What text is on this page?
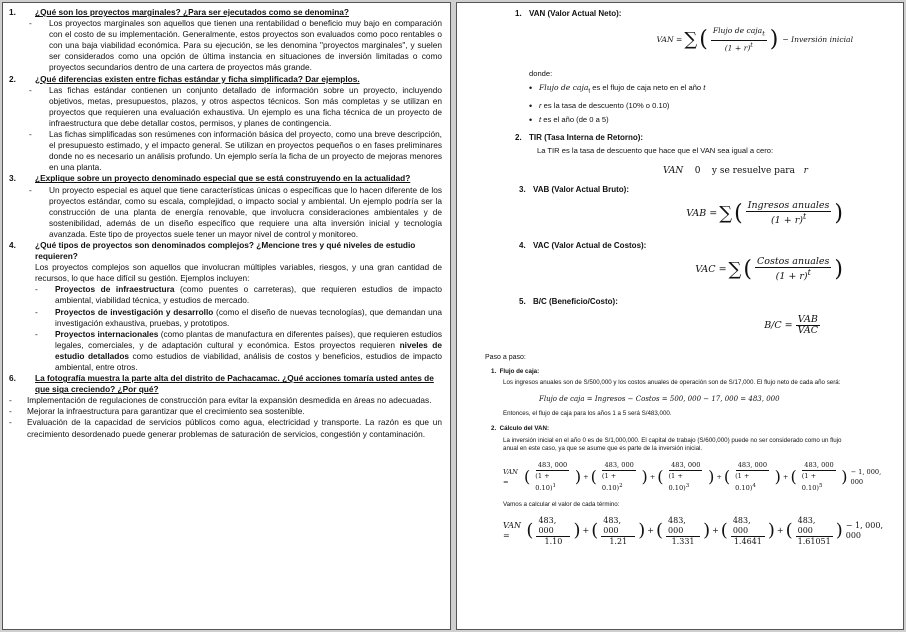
1.	¿Qué son los proyectos marginales? ¿Para ser ejecutados como se denomina?
-	Los proyectos marginales son aquellos que tienen una rentabilidad o beneficio muy bajo en comparación con el costo de su implementación. Generalmente, estos proyectos son evaluados como poco rentables o con una baja viabilidad económica. Para su ejecución, se les denomina "proyectos marginales", y suelen ser considerados como una opción de última instancia en situaciones de inversión limitadas o como proyectos secundarios dentro de una cartera de proyectos más grande.
2.	¿Qué diferencias existen entre fichas estándar y ficha simplificada? Dar ejemplos.
-	Las fichas estándar contienen un conjunto detallado de información sobre un proyecto, incluyendo objetivos, metas, presupuestos, plazos, y otros aspectos técnicos. Son más completas y se utilizan en proyectos que requieren una evaluación exhaustiva. Un ejemplo es una ficha técnica de un proyecto de infraestructura que debe detallar costos, permisos, y planes de contingencia.
-	Las fichas simplificadas son resúmenes con información básica del proyecto, como una breve descripción, el presupuesto estimado, y el impacto general. Se utilizan en proyectos pequeños o en fases preliminares donde no es necesario un análisis profundo. Un ejemplo sería la ficha de un proyecto de mejoras menores en una planta.
3.	¿Explique sobre un proyecto denominado especial que se está construyendo en la actualidad?
-	Un proyecto especial es aquel que tiene características únicas o específicas que lo hacen diferente de los proyectos estándar, como su escala, complejidad, o impacto social y ambiental. Un ejemplo podría ser la construcción de una planta de energía renovable, que involucra consideraciones ambientales y de sostenibilidad, además de un diseño específico que requiere una alta inversión inicial y tecnología avanzada. Este tipo de proyectos suele tener un mayor nivel de control y monitoreo.
4.	¿Qué tipos de proyectos son denominados complejos? ¿Mencione tres y qué niveles de estudio requieren?
Los proyectos complejos son aquellos que involucran múltiples variables, riesgos, y una gran cantidad de recursos, lo que hace difícil su gestión. Ejemplos incluyen:
-	Proyectos de infraestructura (como puentes o carreteras), que requieren estudios de impacto ambiental, viabilidad técnica, y estudios de mercado.
-	Proyectos de investigación y desarrollo (como el diseño de nuevas tecnologías), que demandan una investigación exhaustiva, pruebas, y prototipos.
-	Proyectos internacionales (como plantas de manufactura en diferentes países), que requieren estudios legales, comerciales, y de adaptación cultural y económica. Estos proyectos requieren niveles de estudio detallados como estudios de viabilidad, análisis de costos y beneficios, estudios de impacto ambiental, entre otros.
6.	La fotografía muestra la parte alta del distrito de Pachacamac. ¿Qué acciones tomaría usted antes de que siga creciendo? ¿Por qué?
-	Implementación de regulaciones de construcción para evitar la expansión desmedida en áreas no adecuadas.
-	Mejorar la infraestructura para garantizar que el crecimiento sea sostenible.
-	Evaluación de la capacidad de servicios públicos como agua, electricidad y transporte. La razón es que un crecimiento desordenado puede generar problemas de saturación de servicios, congestión y contaminación.
1. VAN (Valor Actual Neto):
VAN = ∑ ( $\frac{Flujo de caja_t}{(1 + r)^t}$ ) − Inversión inicial
donde:
• Flujo de caja$_t$ es el flujo de caja neto en el año t
• r es la tasa de descuento (10% o 0.10)
• t es el año (de 0 a 5)
2. TIR (Tasa Interna de Retorno):
La TIR es la tasa de descuento que hace que el VAN sea igual a cero:
VAN 0 y se resuelve para r
3. VAB (Valor Actual Bruto):
VAB = ∑ ( $\frac{\text{Ingresos anuales}}{(1 + r)^t}$ )
4. VAC (Valor Actual de Costos):
VAC = ∑ ( $\frac{\text{Costos anuales}}{(1 + r)^t}$ )
5. B/C (Beneficio/Costo):
$B/C = \frac{\text{VAB}}{\text{VAC}}$
Paso a paso:
1. Flujo de caja:
Los ingresos anuales son de S/500,000 y los costos anuales de operación son de S/17,000. El flujo neto de cada año será:
Flujo de caja = Ingresos − Costos = 500, 000 − 17, 000 = 483, 000
Entonces, el flujo de caja para los años 1 a 5 será S/483,000.
2. Cálculo del VAN:
La inversión inicial en el año 0 es de S/1,000,000. El capital de trabajo (S/600,000) puede no ser considerado como un flujo anual en este caso, ya que se asume que es parte de la inversión inicial.
VAN = ( $\frac{483, 000}{(1 + 0.10)^1}$ ) + ( $\frac{483, 000}{(1 + 0.10)^2}$ ) + ( $\frac{483, 000}{(1 + 0.10)^3}$ ) + ( $\frac{483, 000}{(1 + 0.10)^4}$ ) + ( $\frac{483, 000}{(1 + 0.10)^5}$ ) − 1, 000, 000
Vamos a calcular el valor de cada término:
VAN = ( $\frac{483, 000}{1.10}$ ) + ( $\frac{483, 000}{1.21}$ ) + ( $\frac{483, 000}{1.331}$ ) + ( $\frac{483, 000}{1.4641}$ ) + ( $\frac{483, 000}{1.61051}$ ) − 1, 000, 000
